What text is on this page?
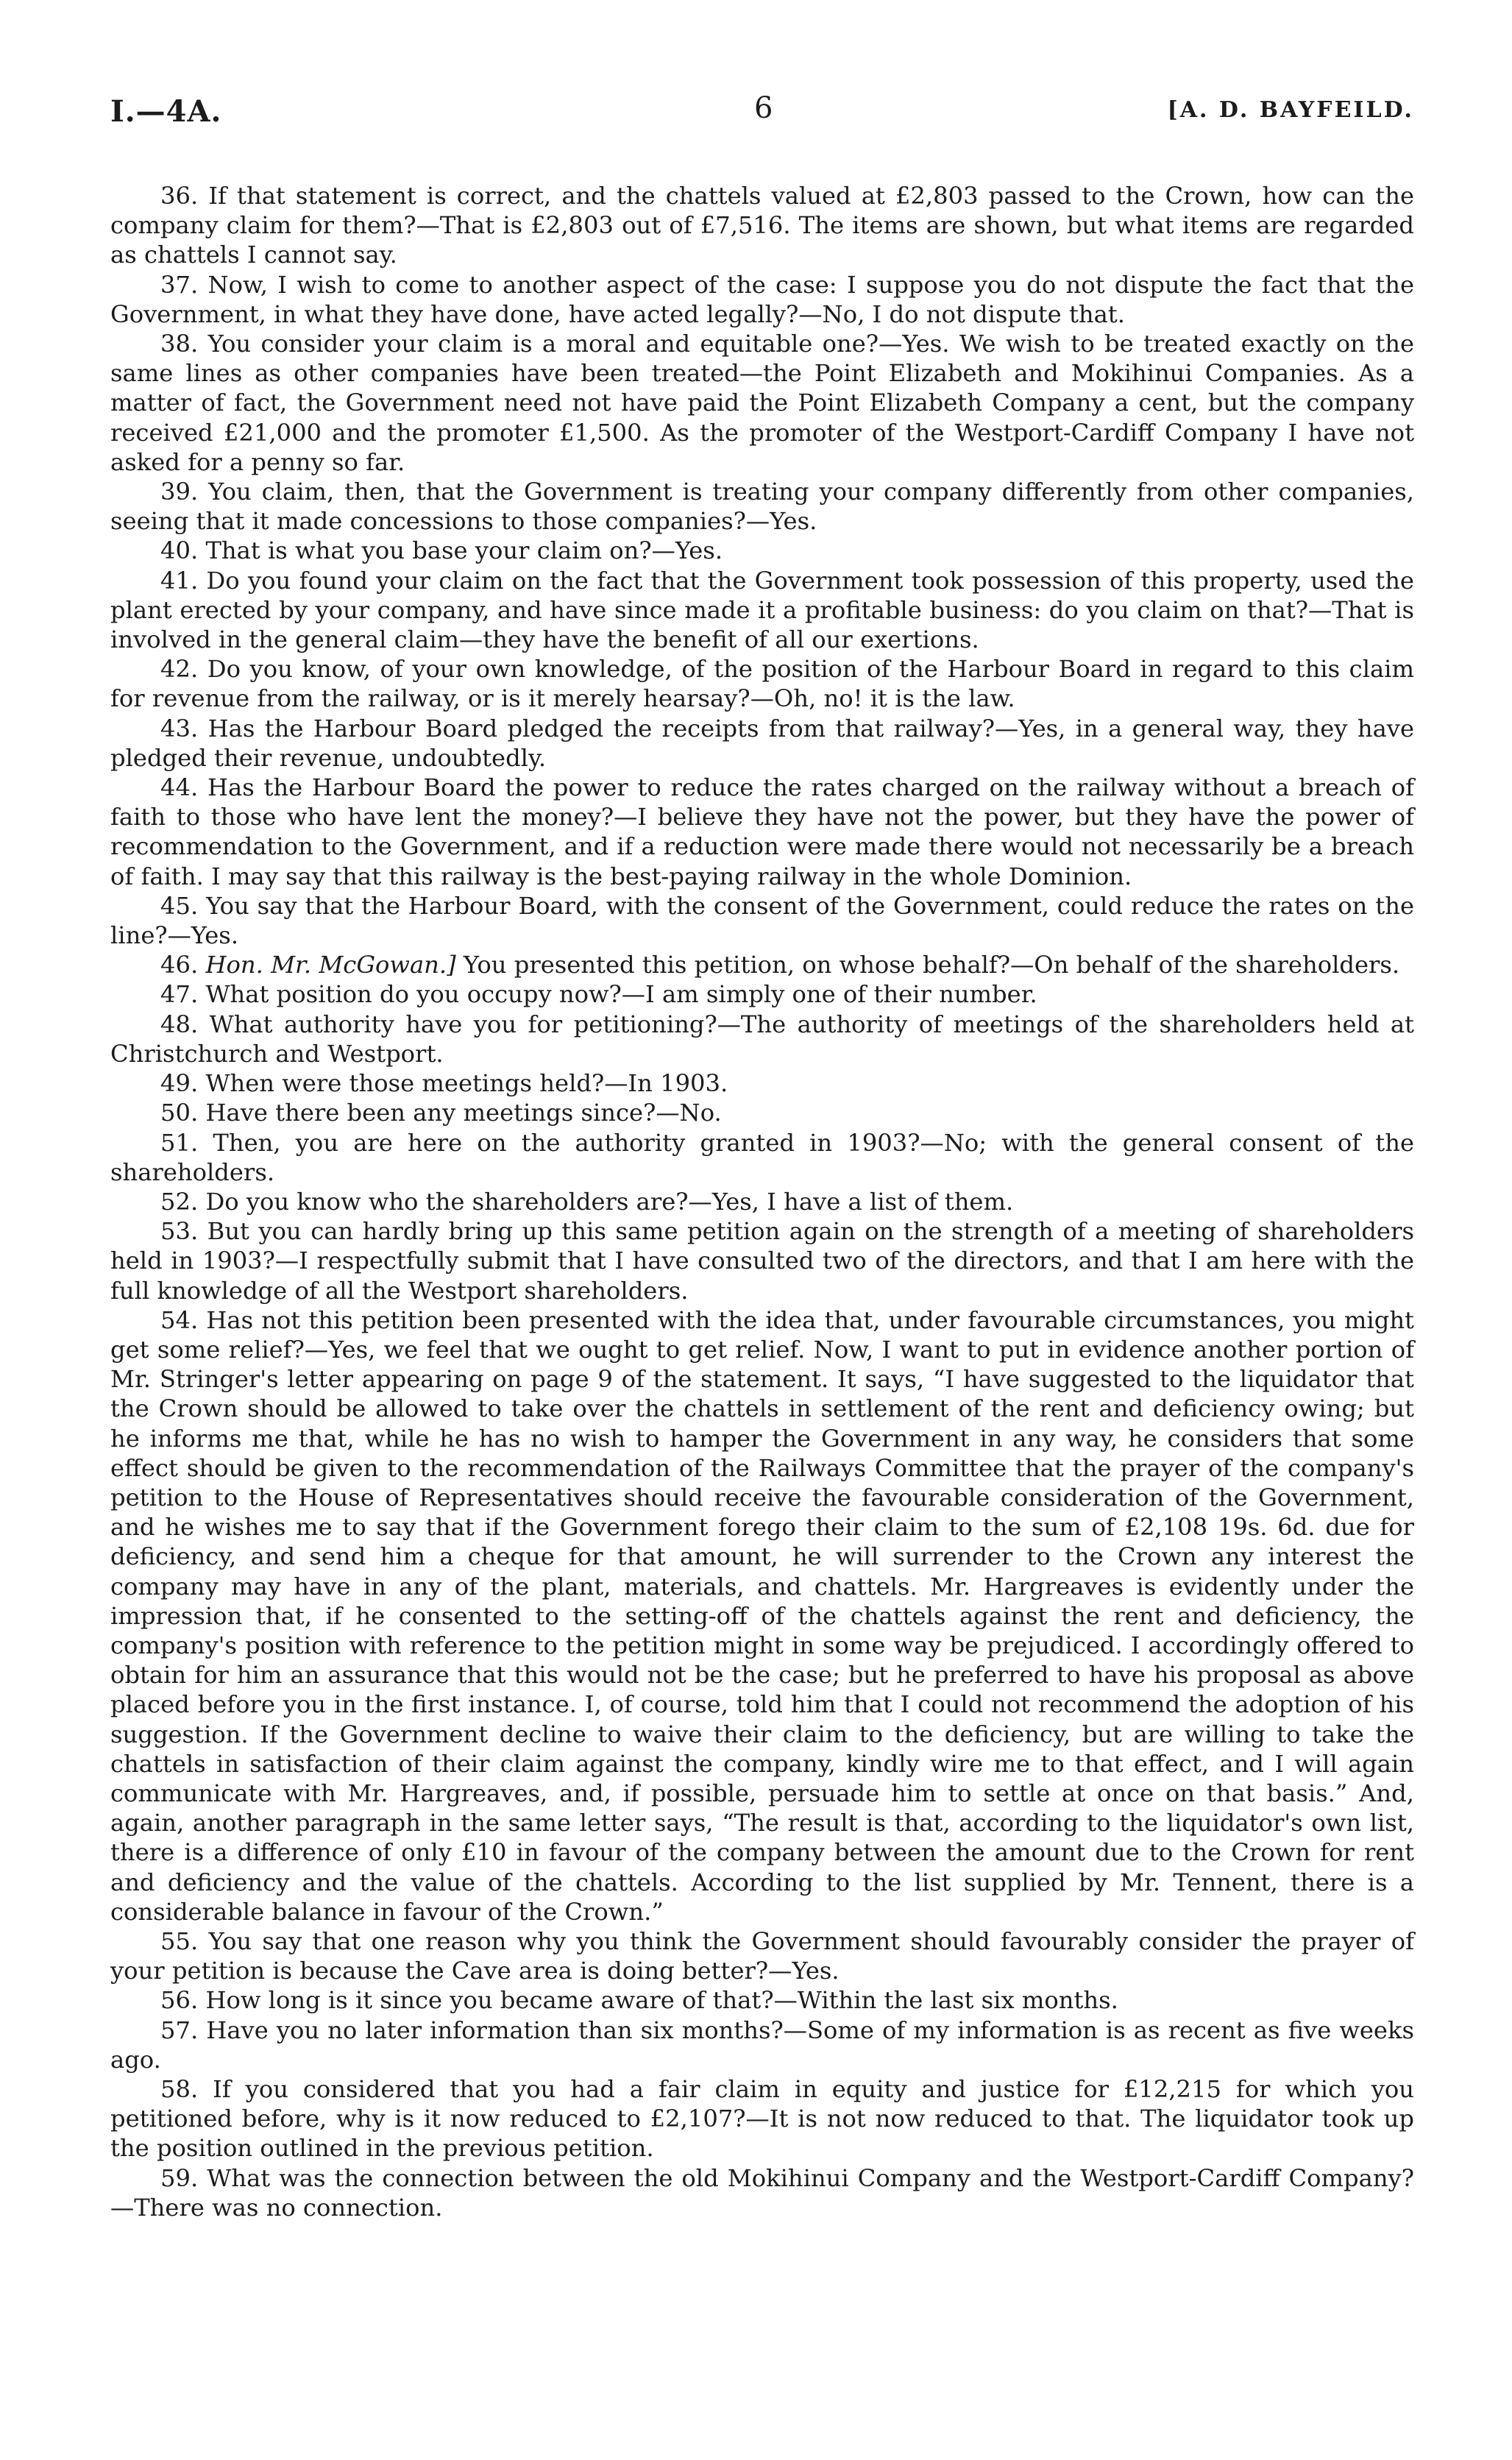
I.—4A.	6	[A. D. BAYFEILD.

36. If that statement is correct, and the chattels valued at £2,803 passed to the Crown, how can the company claim for them?—That is £2,803 out of £7,516. The items are shown, but what items are regarded as chattels I cannot say.

37. Now, I wish to come to another aspect of the case: I suppose you do not dispute the fact that the Government, in what they have done, have acted legally?—No, I do not dispute that.

38. You consider your claim is a moral and equitable one?—Yes. We wish to be treated exactly on the same lines as other companies have been treated—the Point Elizabeth and Mokihinui Companies. As a matter of fact, the Government need not have paid the Point Elizabeth Company a cent, but the company received £21,000 and the promoter £1,500. As the promoter of the Westport-Cardiff Company I have not asked for a penny so far.

39. You claim, then, that the Government is treating your company differently from other companies, seeing that it made concessions to those companies?—Yes.

40. That is what you base your claim on?—Yes.

41. Do you found your claim on the fact that the Government took possession of this property, used the plant erected by your company, and have since made it a profitable business: do you claim on that?—That is involved in the general claim—they have the benefit of all our exertions.

42. Do you know, of your own knowledge, of the position of the Harbour Board in regard to this claim for revenue from the railway, or is it merely hearsay?—Oh, no! it is the law.

43. Has the Harbour Board pledged the receipts from that railway?—Yes, in a general way, they have pledged their revenue, undoubtedly.

44. Has the Harbour Board the power to reduce the rates charged on the railway without a breach of faith to those who have lent the money?—I believe they have not the power, but they have the power of recommendation to the Government, and if a reduction were made there would not necessarily be a breach of faith. I may say that this railway is the best-paying railway in the whole Dominion.

45. You say that the Harbour Board, with the consent of the Government, could reduce the rates on the line?—Yes.

46. Hon. Mr. McGowan.] You presented this petition, on whose behalf?—On behalf of the shareholders.

47. What position do you occupy now?—I am simply one of their number.

48. What authority have you for petitioning?—The authority of meetings of the shareholders held at Christchurch and Westport.

49. When were those meetings held?—In 1903.

50. Have there been any meetings since?—No.

51. Then, you are here on the authority granted in 1903?—No; with the general consent of the shareholders.

52. Do you know who the shareholders are?—Yes, I have a list of them.

53. But you can hardly bring up this same petition again on the strength of a meeting of shareholders held in 1903?—I respectfully submit that I have consulted two of the directors, and that I am here with the full knowledge of all the Westport shareholders.

54. Has not this petition been presented with the idea that, under favourable circumstances, you might get some relief?—Yes, we feel that we ought to get relief. Now, I want to put in evidence another portion of Mr. Stringer's letter appearing on page 9 of the statement. It says, “I have suggested to the liquidator that the Crown should be allowed to take over the chattels in settlement of the rent and deficiency owing; but he informs me that, while he has no wish to hamper the Government in any way, he considers that some effect should be given to the recommendation of the Railways Committee that the prayer of the company's petition to the House of Representatives should receive the favourable consideration of the Government, and he wishes me to say that if the Government forego their claim to the sum of £2,108 19s. 6d. due for deficiency, and send him a cheque for that amount, he will surrender to the Crown any interest the company may have in any of the plant, materials, and chattels. Mr. Hargreaves is evidently under the impression that, if he consented to the setting-off of the chattels against the rent and deficiency, the company's position with reference to the petition might in some way be prejudiced. I accordingly offered to obtain for him an assurance that this would not be the case; but he preferred to have his proposal as above placed before you in the first instance. I, of course, told him that I could not recommend the adoption of his suggestion. If the Government decline to waive their claim to the deficiency, but are willing to take the chattels in satisfaction of their claim against the company, kindly wire me to that effect, and I will again communicate with Mr. Hargreaves, and, if possible, persuade him to settle at once on that basis.” And, again, another paragraph in the same letter says, “The result is that, according to the liquidator's own list, there is a difference of only £10 in favour of the company between the amount due to the Crown for rent and deficiency and the value of the chattels. According to the list supplied by Mr. Tennent, there is a considerable balance in favour of the Crown.”

55. You say that one reason why you think the Government should favourably consider the prayer of your petition is because the Cave area is doing better?—Yes.

56. How long is it since you became aware of that?—Within the last six months.

57. Have you no later information than six months?—Some of my information is as recent as five weeks ago.

58. If you considered that you had a fair claim in equity and justice for £12,215 for which you petitioned before, why is it now reduced to £2,107?—It is not now reduced to that. The liquidator took up the position outlined in the previous petition.

59. What was the connection between the old Mokihinui Company and the Westport-Cardiff Company?—There was no connection.
